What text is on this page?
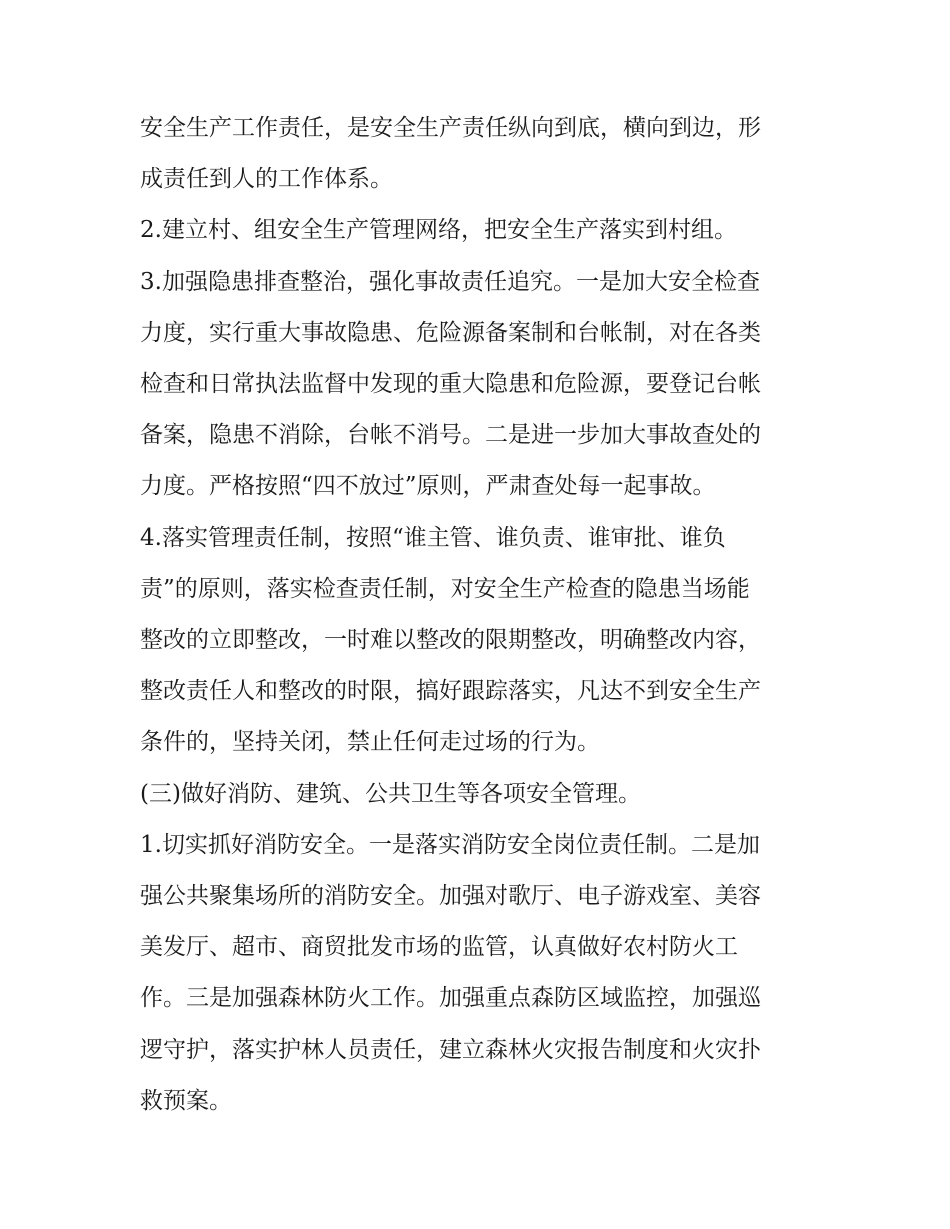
安全生产工作责任，是安全生产责任纵向到底，横向到边，形

成责任到人的工作体系。

2.建立村、组安全生产管理网络，把安全生产落实到村组。

3.加强隐患排查整治，强化事故责任追究。一是加大安全检查

力度，实行重大事故隐患、危险源备案制和台帐制，对在各类

检查和日常执法监督中发现的重大隐患和危险源，要登记台帐

备案，隐患不消除，台帐不消号。二是进一步加大事故查处的

力度。严格按照“四不放过”原则，严肃查处每一起事故。

4.落实管理责任制，按照“谁主管、谁负责、谁审批、谁负

责”的原则，落实检查责任制，对安全生产检查的隐患当场能

整改的立即整改，一时难以整改的限期整改，明确整改内容，

整改责任人和整改的时限，搞好跟踪落实，凡达不到安全生产

条件的，坚持关闭，禁止任何走过场的行为。

(三)做好消防、建筑、公共卫生等各项安全管理。

1.切实抓好消防安全。一是落实消防安全岗位责任制。二是加

强公共聚集场所的消防安全。加强对歌厅、电子游戏室、美容

美发厅、超市、商贸批发市场的监管，认真做好农村防火工

作。三是加强森林防火工作。加强重点森防区域监控，加强巡

逻守护，落实护林人员责任，建立森林火灾报告制度和火灾扑

救预案。
